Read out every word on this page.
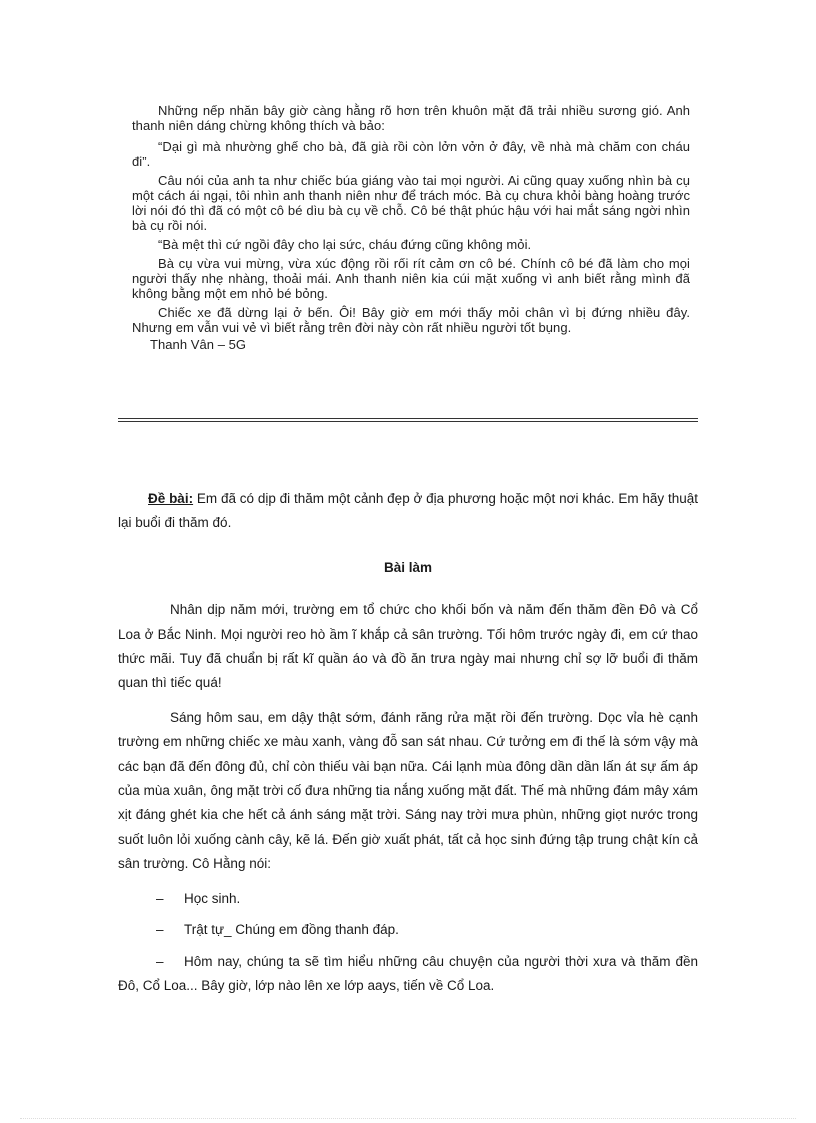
Những nếp nhăn bây giờ càng hằng rõ hơn trên khuôn mặt đã trải nhiều sương gió. Anh thanh niên dáng chừng không thích và bảo:

“Dại gì mà nhường ghế cho bà, đã già rồi còn lởn vởn ở đây, về nhà mà chăm con cháu đi”.

Câu nói của anh ta như chiếc búa giáng vào tai mọi người. Ai cũng quay xuống nhìn bà cụ một cách ái ngại, tôi nhìn anh thanh niên như để trách móc. Bà cụ chưa khỏi bàng hoàng trước lời nói đó thì đã có một cô bé dìu bà cụ về chỗ. Cô bé thật phúc hậu với hai mắt sáng ngời nhìn bà cụ rồi nói.

“Bà mệt thì cứ ngồi đây cho lại sức, cháu đứng cũng không mỏi.

Bà cụ vừa vui mừng, vừa xúc động rồi rối rít cảm ơn cô bé. Chính cô bé đã làm cho mọi người thấy nhẹ nhàng, thoải mái. Anh thanh niên kia cúi mặt xuống vì anh biết rằng mình đã không bằng một em nhỏ bé bỏng.

Chiếc xe đã dừng lại ở bến. Ôi! Bây giờ em mới thấy mỏi chân vì bị đứng nhiều đây. Nhưng em vẫn vui vẻ vì biết rằng trên đời này còn rất nhiều người tốt bụng.

Thanh Vân – 5G

Đề bài: Em đã có dịp đi thăm một cảnh đẹp ở địa phương hoặc một nơi khác. Em hãy thuật lại buổi đi thăm đó.

Bài làm

Nhân dịp năm mới, trường em tổ chức cho khối bốn và năm đến thăm đền Đô và Cổ Loa ở Bắc Ninh. Mọi người reo hò ầm ĩ khắp cả sân trường. Tối hôm trước ngày đi, em cứ thao thức mãi. Tuy đã chuẩn bị rất kĩ quần áo và đồ ăn trưa ngày mai nhưng chỉ sợ lỡ buổi đi thăm quan thì tiếc quá!

Sáng hôm sau, em dậy thật sớm, đánh răng rửa mặt rồi đến trường. Dọc vỉa hè cạnh trường em những chiếc xe màu xanh, vàng đỗ san sát nhau. Cứ tưởng em đi thế là sớm vậy mà các bạn đã đến đông đủ, chỉ còn thiếu vài bạn nữa. Cái lạnh mùa đông dần dần lấn át sự ấm áp của mùa xuân, ông mặt trời cố đưa những tia nắng xuống mặt đất. Thế mà những đám mây xám xịt đáng ghét kia che hết cả ánh sáng mặt trời. Sáng nay trời mưa phùn, những giọt nước trong suốt luôn lỏi xuống cành cây, kẽ lá. Đến giờ xuất phát, tất cả học sinh đứng tập trung chật kín cả sân trường. Cô Hằng nói:

– Học sinh.

– Trật tự_ Chúng em đồng thanh đáp.

– Hôm nay, chúng ta sẽ tìm hiểu những câu chuyện của người thời xưa và thăm đền Đô, Cổ Loa... Bây giờ, lớp nào lên xe lớp aays, tiến về Cổ Loa.
